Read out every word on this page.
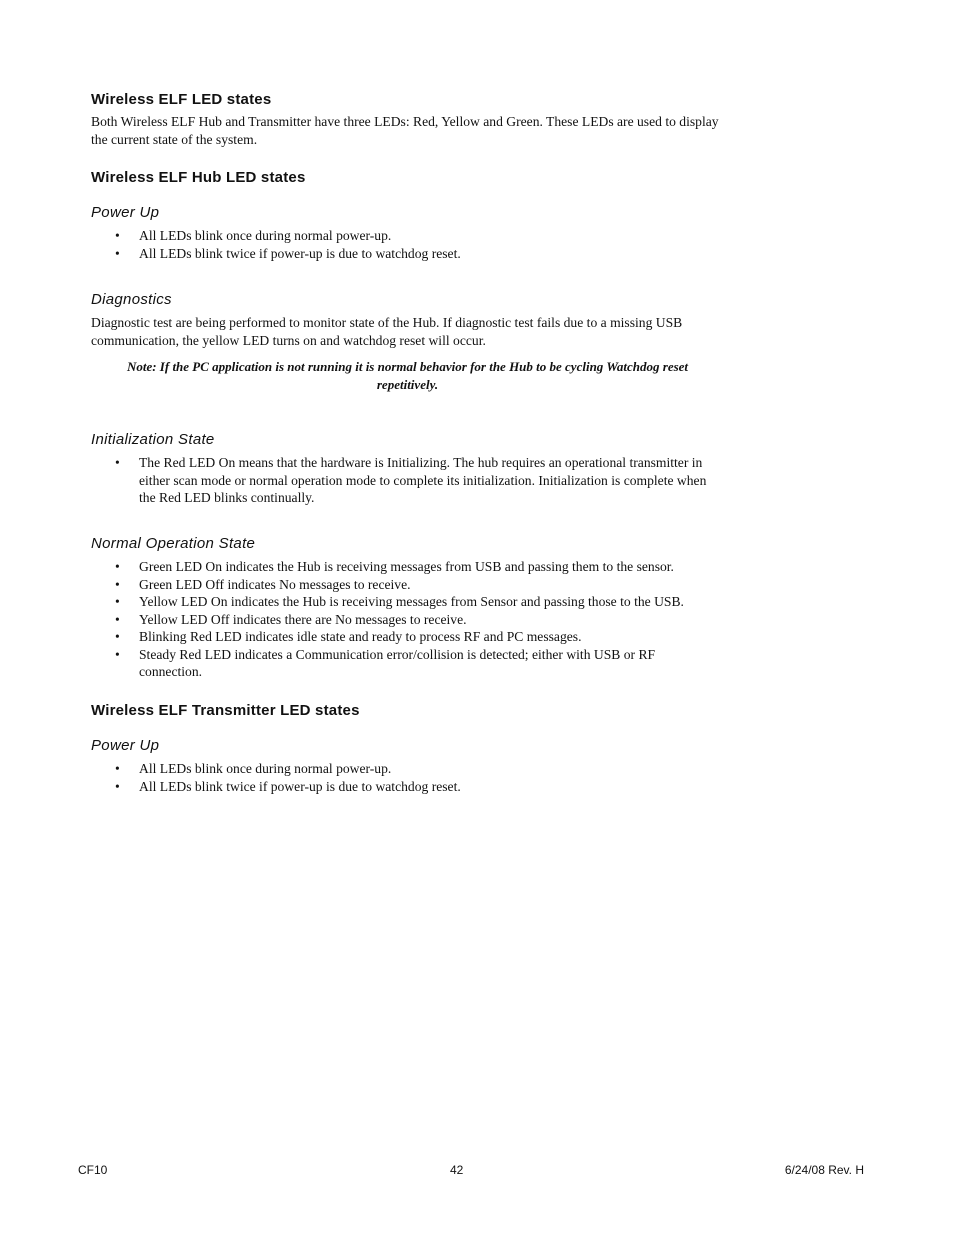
Wireless ELF LED states

Both Wireless ELF Hub and Transmitter have three LEDs: Red, Yellow and Green. These LEDs are used to display the current state of the system.

Wireless ELF Hub LED states
Power Up
•	All LEDs blink once during normal power-up.
•	All LEDs blink twice if power-up is due to watchdog reset.
Diagnostics

Diagnostic test are being performed to monitor state of the Hub. If diagnostic test fails due to a missing USB communication, the yellow LED turns on and watchdog reset will occur.

Note: If the PC application is not running it is normal behavior for the Hub to be cycling Watchdog reset repetitively.

Initialization State
•	The Red LED On means that the hardware is Initializing. The hub requires an operational transmitter in either scan mode or normal operation mode to complete its initialization. Initialization is complete when the Red LED blinks continually.
Normal Operation State
•	Green LED On indicates the Hub is receiving messages from USB and passing them to the sensor.
•	Green LED Off indicates No messages to receive.
•	Yellow LED On indicates the Hub is receiving messages from Sensor and passing those to the USB.
•	Yellow LED Off indicates there are No messages to receive.
•	Blinking Red LED indicates idle state and ready to process RF and PC messages.
•	Steady Red LED indicates a Communication error/collision is detected; either with USB or RF connection.
Wireless ELF Transmitter LED states
Power Up
•	All LEDs blink once during normal power-up.
•	All LEDs blink twice if power-up is due to watchdog reset.

CF10	42	6/24/08 Rev. H
